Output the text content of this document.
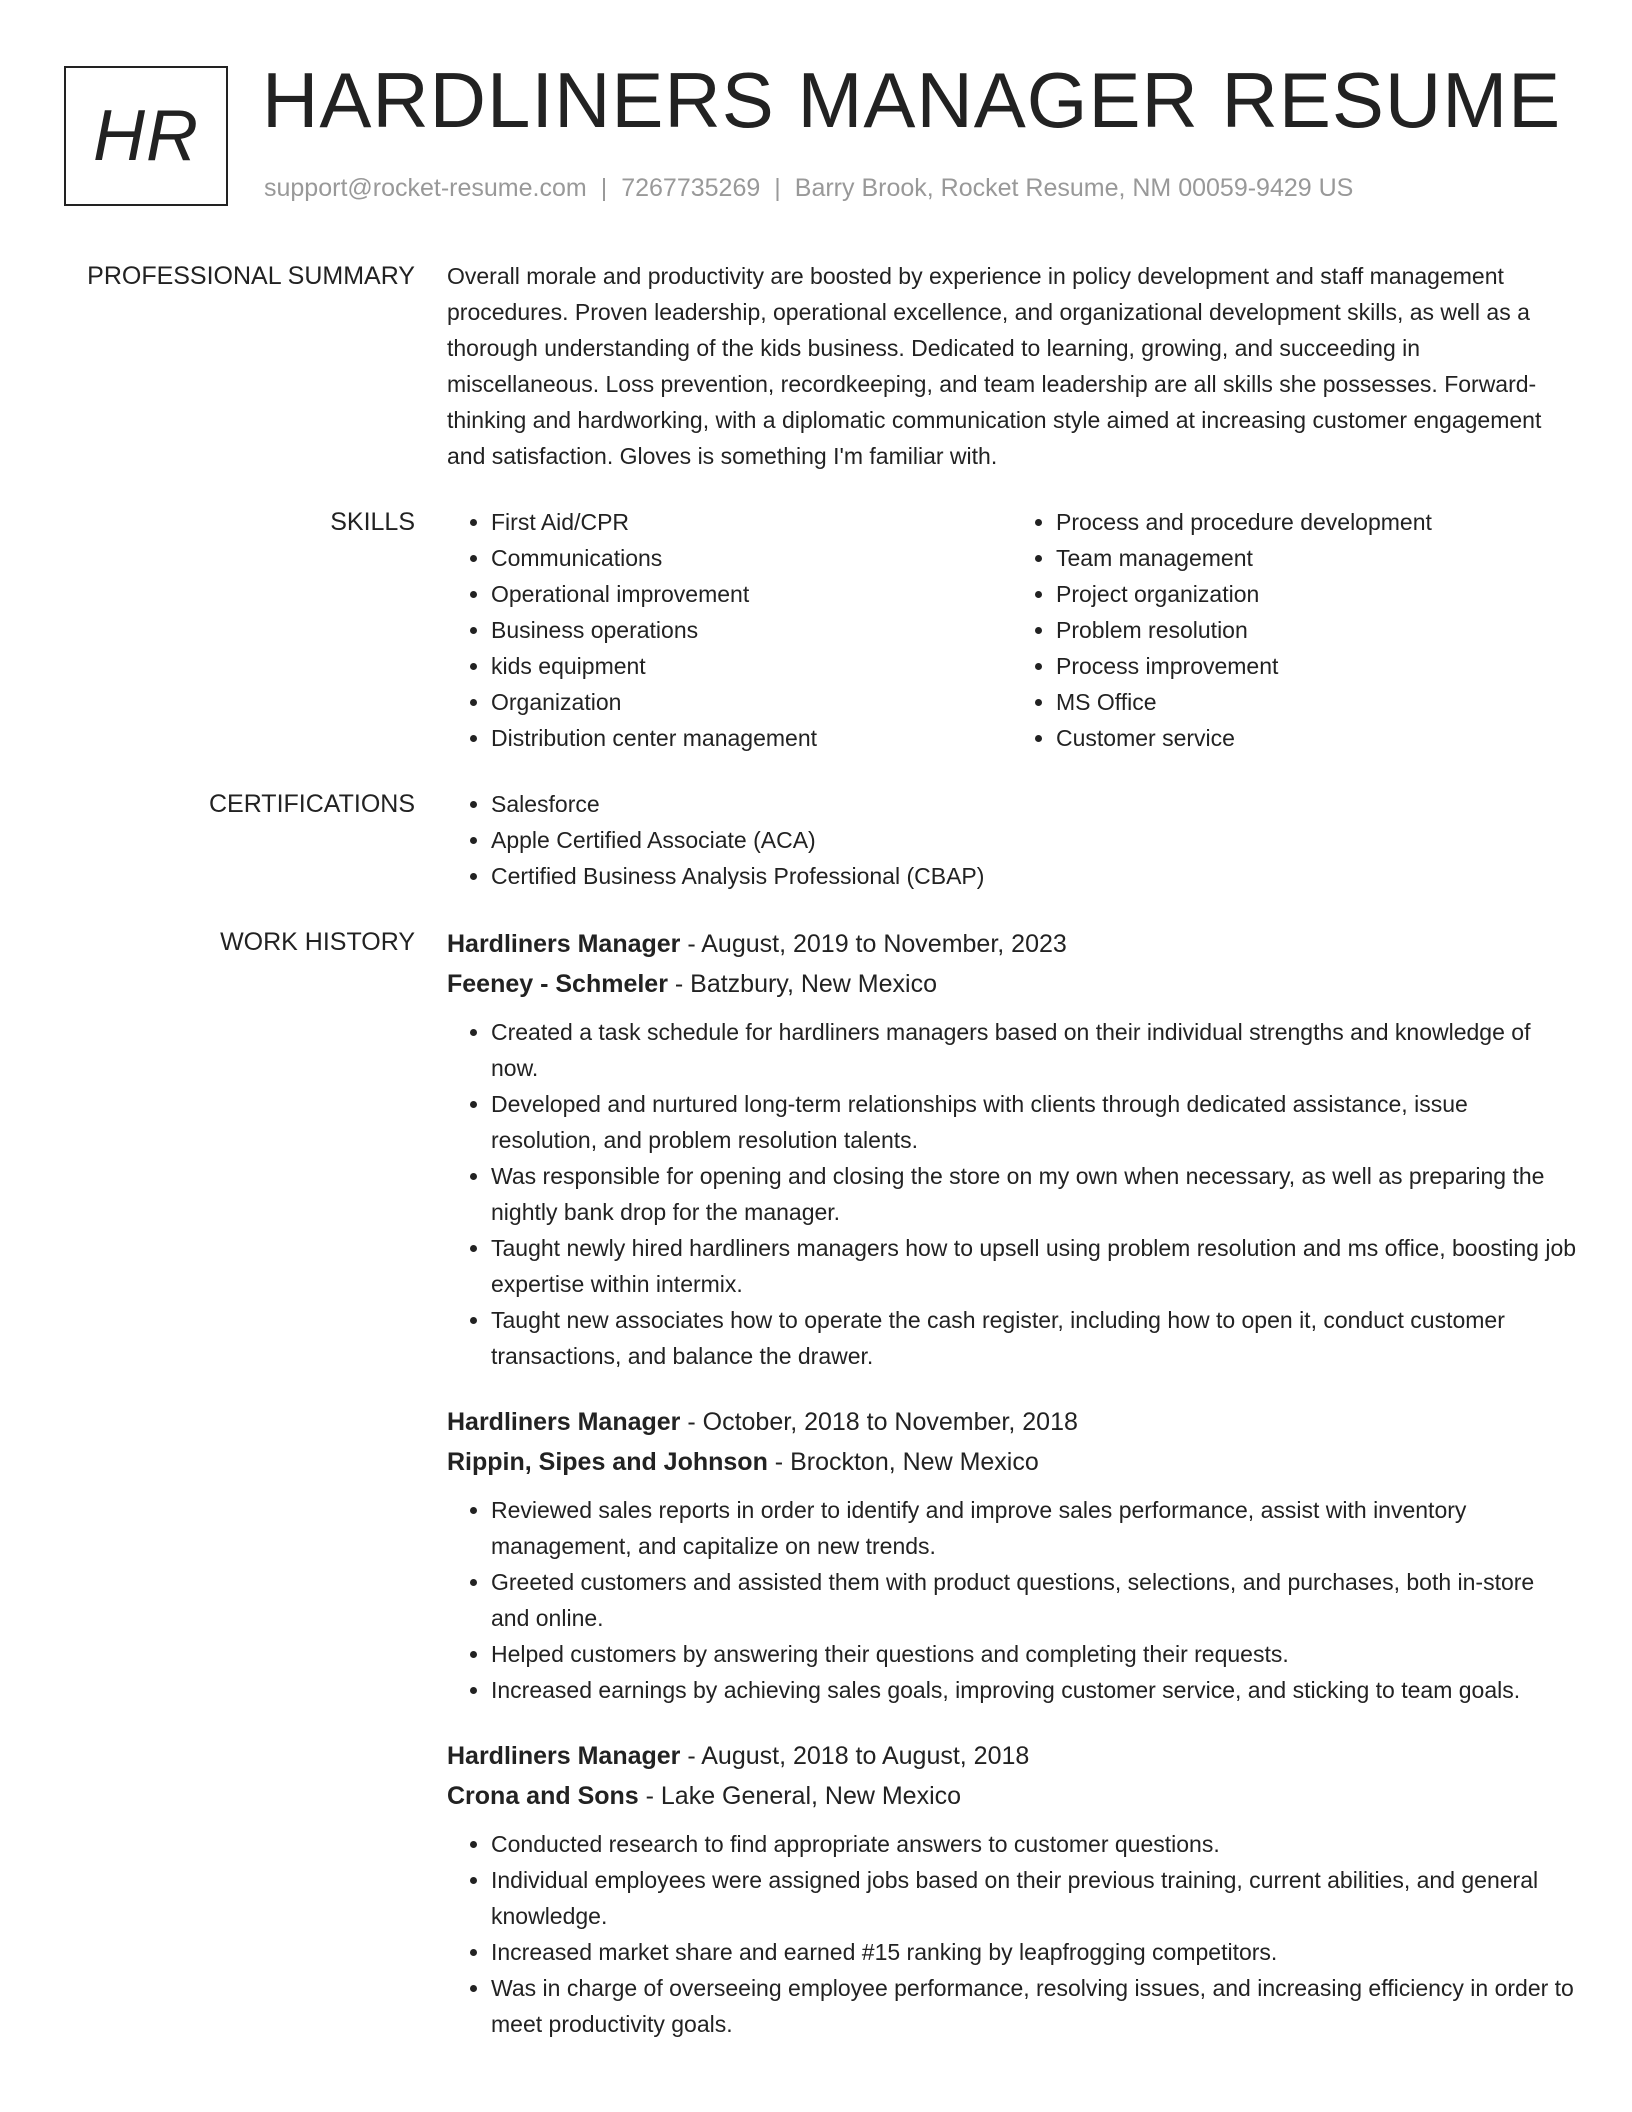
HR HARDLINERS MANAGER RESUME
support@rocket-resume.com | 7267735269 | Barry Brook, Rocket Resume, NM 00059-9429 US
PROFESSIONAL SUMMARY Overall morale and productivity are boosted by experience in policy development and staff management procedures. Proven leadership, operational excellence, and organizational development skills, as well as a thorough understanding of the kids business. Dedicated to learning, growing, and succeeding in miscellaneous. Loss prevention, recordkeeping, and team leadership are all skills she possesses. Forward-thinking and hardworking, with a diplomatic communication style aimed at increasing customer engagement and satisfaction. Gloves is something I'm familiar with.
SKILLS	• First Aid/CPR
• Communications
• Operational improvement
• Business operations
• kids equipment
• Organization
• Distribution center management
• Process and procedure development
• Team management
• Project organization
• Problem resolution
• Process improvement
• MS Office
• Customer service
CERTIFICATIONS	• Salesforce
• Apple Certified Associate (ACA)
• Certified Business Analysis Professional (CBAP)
WORK HISTORY Hardliners Manager - August, 2019 to November, 2023
Feeney - Schmeler - Batzbury, New Mexico
• Created a task schedule for hardliners managers based on their individual strengths and knowledge of now.
• Developed and nurtured long-term relationships with clients through dedicated assistance, issue resolution, and problem resolution talents.
• Was responsible for opening and closing the store on my own when necessary, as well as preparing the nightly bank drop for the manager.
• Taught newly hired hardliners managers how to upsell using problem resolution and ms office, boosting job expertise within intermix.
• Taught new associates how to operate the cash register, including how to open it, conduct customer transactions, and balance the drawer.
Hardliners Manager - October, 2018 to November, 2018
Rippin, Sipes and Johnson - Brockton, New Mexico
• Reviewed sales reports in order to identify and improve sales performance, assist with inventory management, and capitalize on new trends.
• Greeted customers and assisted them with product questions, selections, and purchases, both in-store and online.
• Helped customers by answering their questions and completing their requests.
• Increased earnings by achieving sales goals, improving customer service, and sticking to team goals.
Hardliners Manager - August, 2018 to August, 2018
Crona and Sons - Lake General, New Mexico
• Conducted research to find appropriate answers to customer questions.
• Individual employees were assigned jobs based on their previous training, current abilities, and general knowledge.
• Increased market share and earned #15 ranking by leapfrogging competitors.
• Was in charge of overseeing employee performance, resolving issues, and increasing efficiency in order to meet productivity goals.
